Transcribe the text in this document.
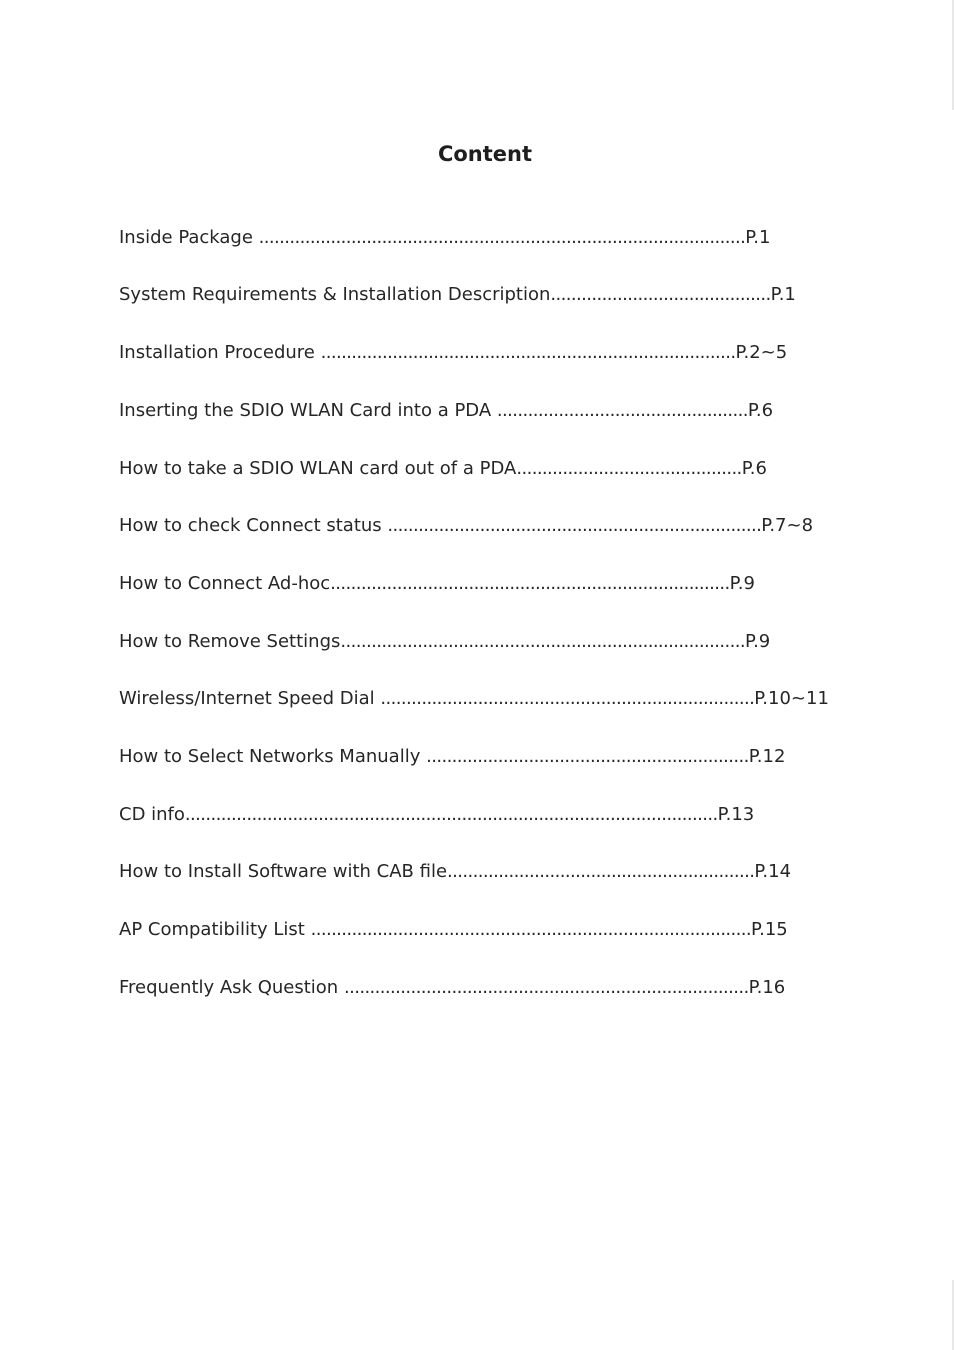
Content
Inside Package ...............................................................................................P.1
System Requirements & Installation Description...........................................P.1
Installation Procedure .................................................................................P.2~5
Inserting the SDIO WLAN Card into a PDA .................................................P.6
How to take a SDIO WLAN card out of a PDA............................................P.6
How to check Connect status .........................................................................P.7~8
How to Connect Ad-hoc..............................................................................P.9
How to Remove Settings...............................................................................P.9
Wireless/Internet Speed Dial .........................................................................P.10~11
How to Select Networks Manually ...............................................................P.12
CD info........................................................................................................P.13
How to Install Software with CAB file............................................................P.14
AP Compatibility List ......................................................................................P.15
Frequently Ask Question ...............................................................................P.16
